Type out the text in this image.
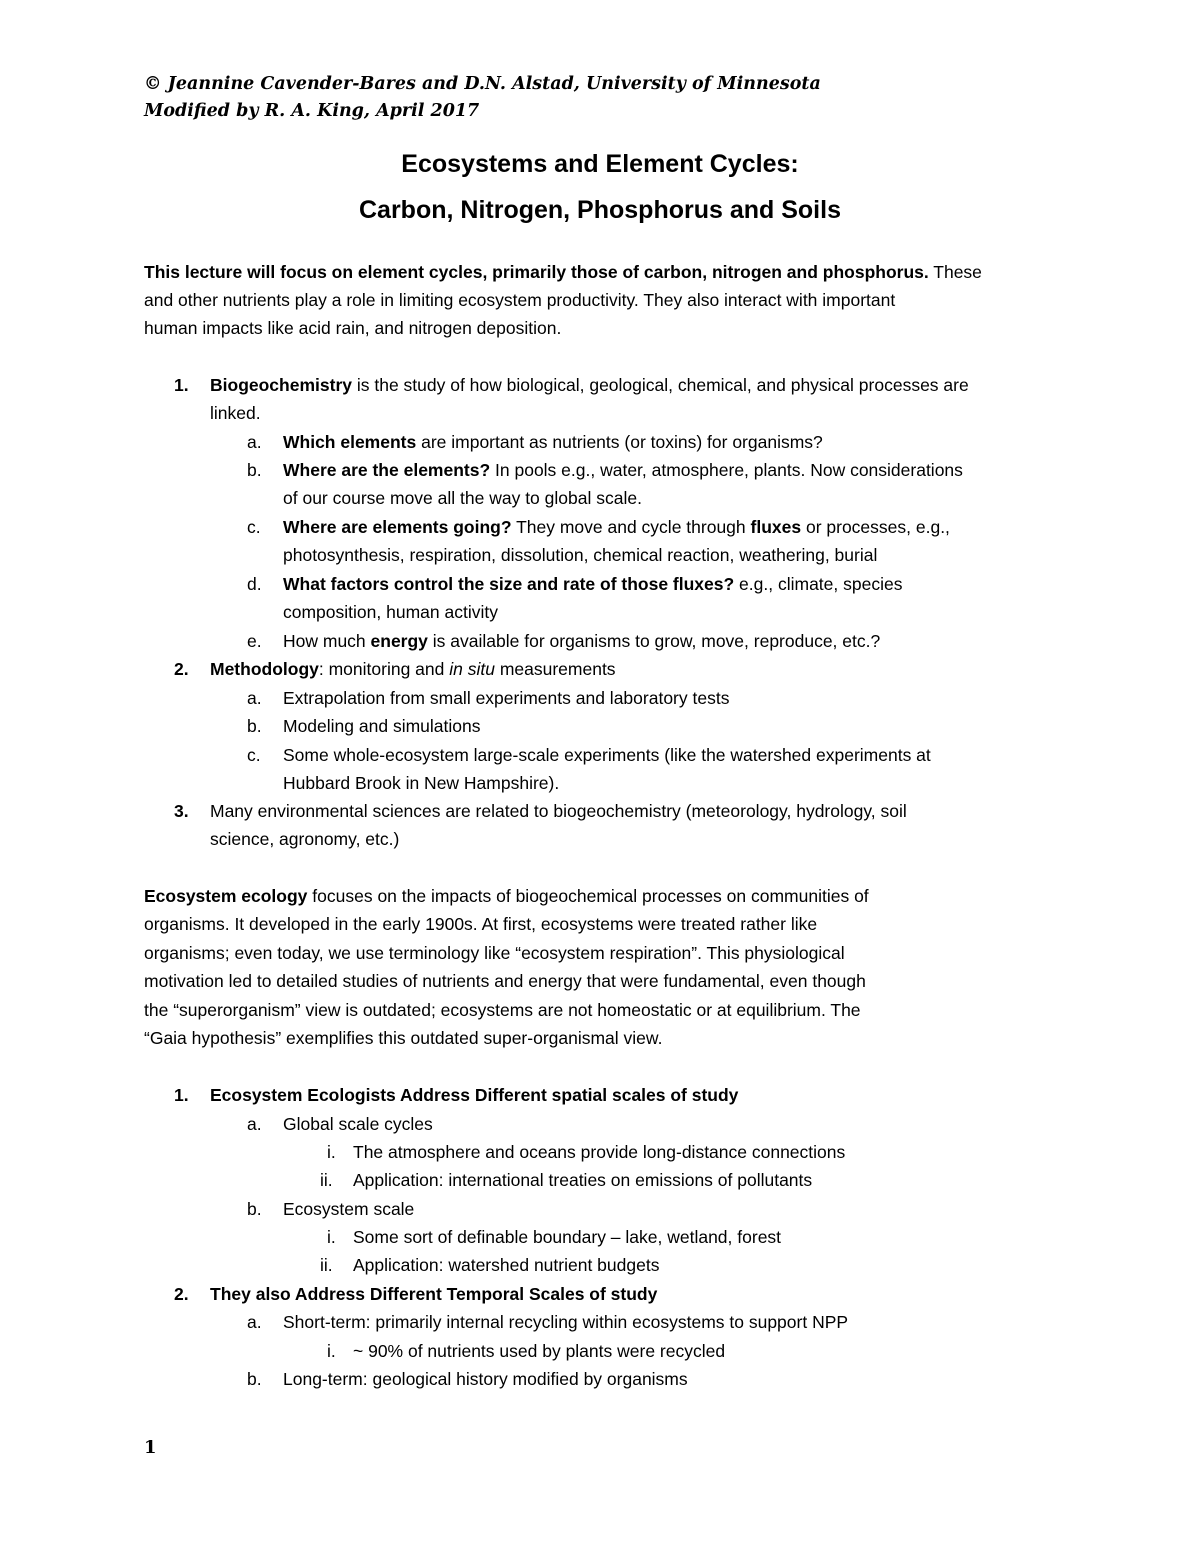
© Jeannine Cavender-Bares and D.N. Alstad, University of Minnesota
Modified by R. A. King, April 2017
Ecosystems and Element Cycles:
Carbon, Nitrogen, Phosphorus and Soils
This lecture will focus on element cycles, primarily those of carbon, nitrogen and phosphorus. These
and other nutrients play a role in limiting ecosystem productivity. They also interact with important
human impacts like acid rain, and nitrogen deposition.
1. Biogeochemistry is the study of how biological, geological, chemical, and physical processes are
linked.
a. Which elements are important as nutrients (or toxins) for organisms?
b. Where are the elements? In pools e.g., water, atmosphere, plants. Now considerations
of our course move all the way to global scale.
c. Where are elements going? They move and cycle through fluxes or processes, e.g.,
photosynthesis, respiration, dissolution, chemical reaction, weathering, burial
d. What factors control the size and rate of those fluxes? e.g., climate, species
composition, human activity
e. How much energy is available for organisms to grow, move, reproduce, etc.?
2. Methodology: monitoring and in situ measurements
a. Extrapolation from small experiments and laboratory tests
b. Modeling and simulations
c. Some whole-ecosystem large-scale experiments (like the watershed experiments at
Hubbard Brook in New Hampshire).
3. Many environmental sciences are related to biogeochemistry (meteorology, hydrology, soil
science, agronomy, etc.)
Ecosystem ecology focuses on the impacts of biogeochemical processes on communities of
organisms. It developed in the early 1900s. At first, ecosystems were treated rather like
organisms; even today, we use terminology like “ecosystem respiration”. This physiological
motivation led to detailed studies of nutrients and energy that were fundamental, even though
the “superorganism” view is outdated; ecosystems are not homeostatic or at equilibrium. The
“Gaia hypothesis” exemplifies this outdated super-organismal view.
1. Ecosystem Ecologists Address Different spatial scales of study
a. Global scale cycles
i. The atmosphere and oceans provide long-distance connections
ii. Application: international treaties on emissions of pollutants
b. Ecosystem scale
i. Some sort of definable boundary – lake, wetland, forest
ii. Application: watershed nutrient budgets
2. They also Address Different Temporal Scales of study
a. Short-term: primarily internal recycling within ecosystems to support NPP
i. ~ 90% of nutrients used by plants were recycled
b. Long-term: geological history modified by organisms
1
